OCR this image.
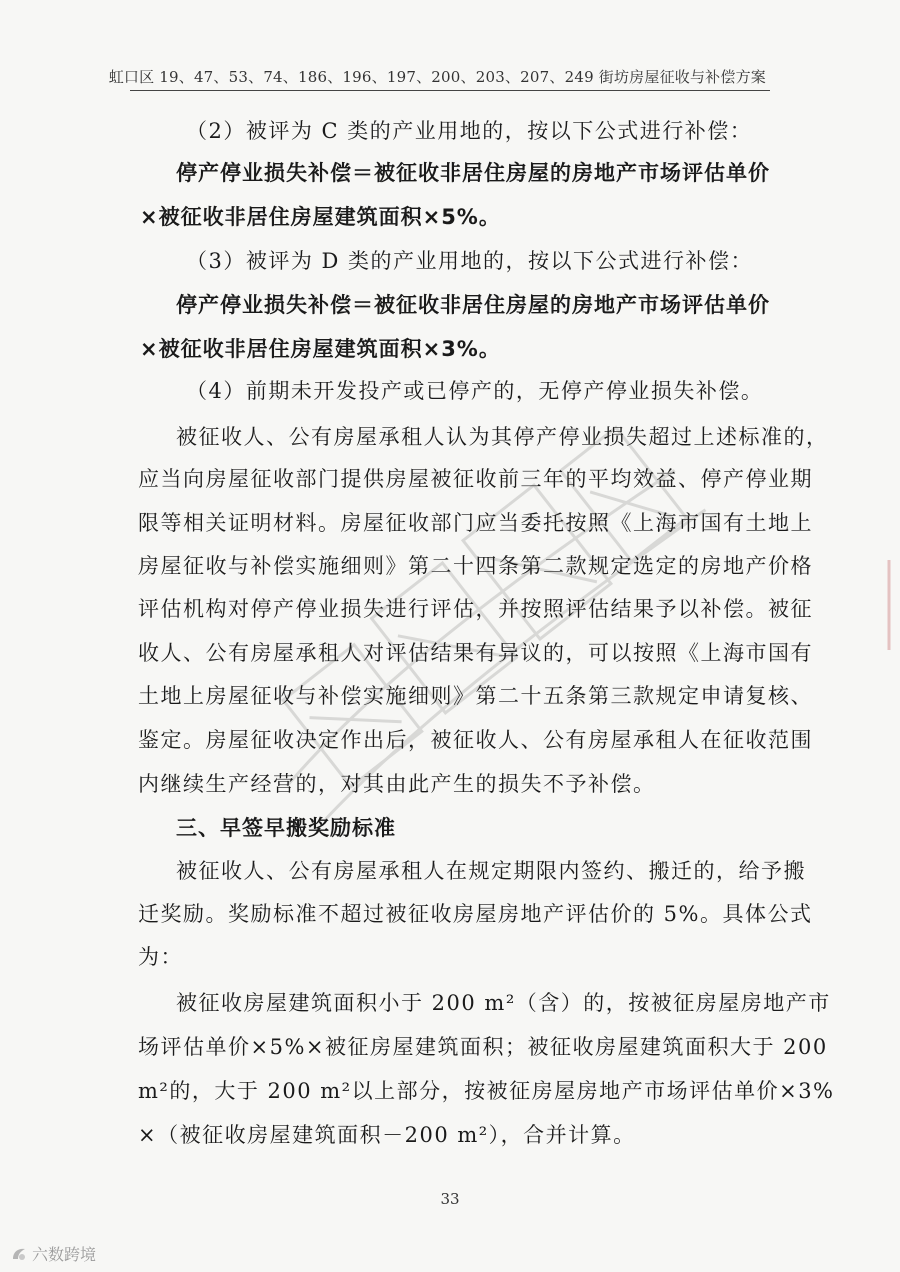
虹口区 19、47、53、74、186、196、197、200、203、207、249 街坊房屋征收与补偿方案
（2）被评为 C 类的产业用地的，按以下公式进行补偿：
停产停业损失补偿＝被征收非居住房屋的房地产市场评估单价
×被征收非居住房屋建筑面积×5%。
（3）被评为 D 类的产业用地的，按以下公式进行补偿：
停产停业损失补偿＝被征收非居住房屋的房地产市场评估单价
×被征收非居住房屋建筑面积×3%。
（4）前期未开发投产或已停产的，无停产停业损失补偿。
被征收人、公有房屋承租人认为其停产停业损失超过上述标准的，
应当向房屋征收部门提供房屋被征收前三年的平均效益、停产停业期
限等相关证明材料。房屋征收部门应当委托按照《上海市国有土地上
房屋征收与补偿实施细则》第二十四条第二款规定选定的房地产价格
评估机构对停产停业损失进行评估，并按照评估结果予以补偿。被征
收人、公有房屋承租人对评估结果有异议的，可以按照《上海市国有
土地上房屋征收与补偿实施细则》第二十五条第三款规定申请复核、
鉴定。房屋征收决定作出后，被征收人、公有房屋承租人在征收范围
内继续生产经营的，对其由此产生的损失不予补偿。
三、早签早搬奖励标准
被征收人、公有房屋承租人在规定期限内签约、搬迁的，给予搬
迁奖励。奖励标准不超过被征收房屋房地产评估价的 5%。具体公式
为：
被征收房屋建筑面积小于 200 m²（含）的，按被征房屋房地产市
场评估单价×5%×被征房屋建筑面积；被征收房屋建筑面积大于 200
m²的，大于 200 m²以上部分，按被征房屋房地产市场评估单价×3%
×（被征收房屋建筑面积－200 m²），合并计算。
33
六数跨境
